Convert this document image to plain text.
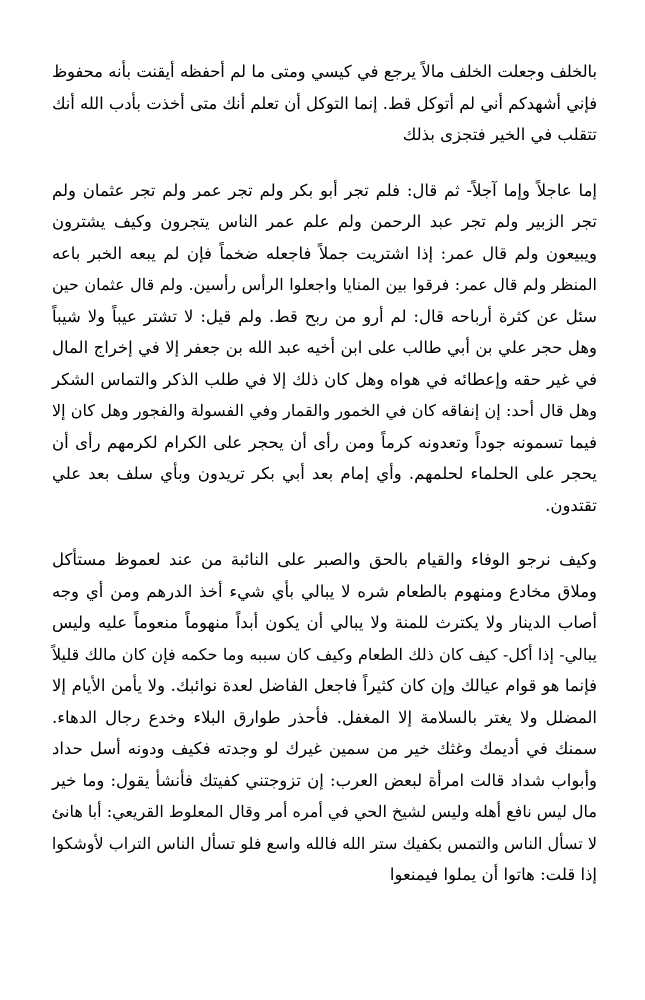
بالخلف وجعلت الخلف مالاً يرجع في كيسي ومتى ما لم أحفظه أيقنت بأنه محفوظ
فإني أشهدكم أني لم أتوكل قط. إنما التوكل أن تعلم أنك متى أخذت بأدب الله أنك
تتقلب في الخير فتجزى بذلك
إما عاجلاً وإما آجلاً- ثم قال: فلم تجر أبو بكر ولم تجر عمر ولم تجر عثمان ولم
تجر الزبير ولم تجر عبد الرحمن ولم علم عمر الناس يتجرون وكيف يشترون
ويبيعون ولم قال عمر: إذا اشتريت جملاً فاجعله ضخماً فإن لم يبعه الخبر باعه
المنظر ولم قال عمر: فرقوا بين المنايا واجعلوا الرأس رأسين. ولم قال عثمان حين
سئل عن كثرة أرباحه قال: لم أرو من ربح قط. ولم قيل: لا تشتر عيباً ولا شيباً
وهل حجر علي بن أبي طالب على ابن أخيه عبد الله بن جعفر إلا في إخراج المال
في غير حقه وإعطائه في هواه وهل كان ذلك إلا في طلب الذكر والتماس الشكر
وهل قال أحد: إن إنفاقه كان في الخمور والقمار وفي الفسولة والفجور وهل كان إلا
فيما تسمونه جوداً وتعدونه كرماً ومن رأى أن يحجر على الكرام لكرمهم رأى أن
يحجر على الحلماء لحلمهم. وأي إمام بعد أبي بكر تريدون وبأي سلف بعد علي
تقتدون.
وكيف نرجو الوفاء والقيام بالحق والصبر على النائبة من عند لعموظ مستأكل
وملاق مخادع ومنهوم بالطعام شره لا يبالي بأي شيء أخذ الدرهم ومن أي وجه
أصاب الدينار ولا يكترث للمنة ولا يبالي أن يكون أبداً منهوماً منعوماً عليه وليس
يبالي- إذا أكل- كيف كان ذلك الطعام وكيف كان سببه وما حكمه فإن كان مالك قليلاً
فإنما هو قوام عيالك وإن كان كثيراً فاجعل الفاضل لعدة نوائبك. ولا يأمن الأيام إلا
المضلل ولا يغتر بالسلامة إلا المغفل. فأحذر طوارق البلاء وخدع رجال الدهاء.
سمنك في أديمك وغثك خير من سمين غيرك لو وجدته فكيف ودونه أسل حداد
وأبواب شداد قالت امرأة لبعض العرب: إن تزوجتني كفيتك فأنشأ يقول: وما خير
مال ليس نافع أهله وليس لشيخ الحي في أمره أمر وقال المعلوط القريعي: أبا هانئ
لا تسأل الناس والتمس بكفيك ستر الله فالله واسع فلو تسأل الناس التراب لأوشكوا
إذا قلت: هاتوا أن يملوا فيمنعوا
